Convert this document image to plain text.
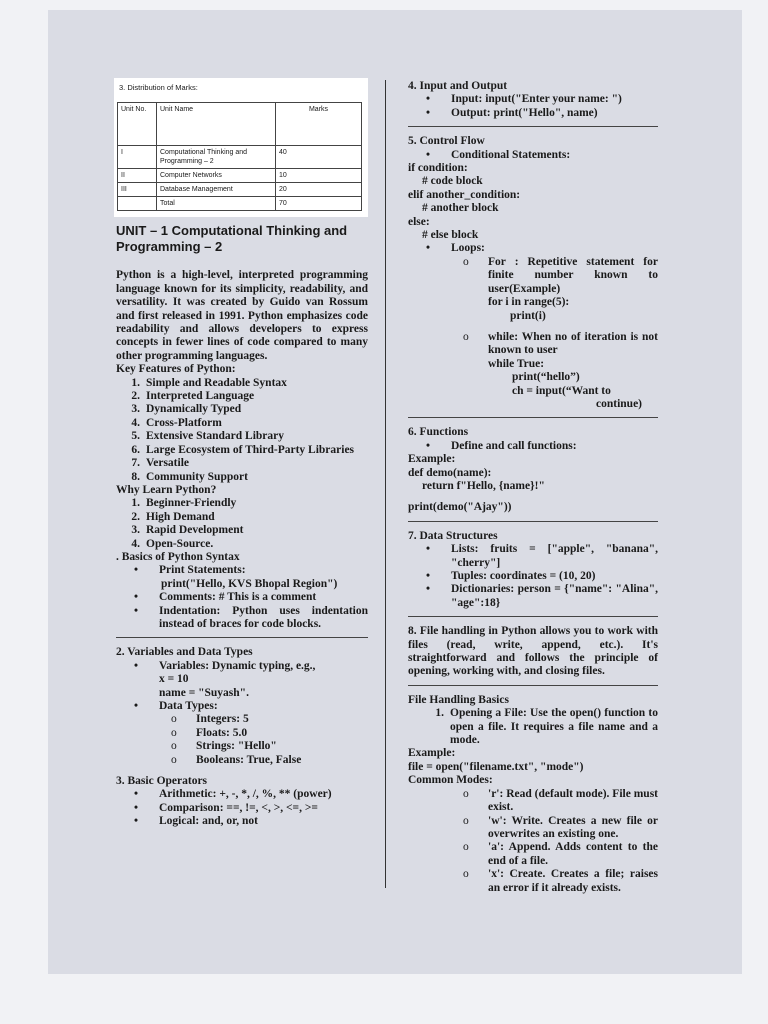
3. Distribution of Marks:
Unit No.	Unit Name	Marks
I	Computational Thinking and Programming – 2	40
II	Computer Networks	10
III	Database Management	20
	Total	70
UNIT – 1 Computational Thinking and Programming – 2

Python is a high-level, interpreted programming language known for its simplicity, readability, and versatility. It was created by Guido van Rossum and first released in 1991. Python emphasizes code readability and allows developers to express concepts in fewer lines of code compared to many other programming languages.

Key Features of Python:

1. Simple and Readable Syntax
2. Interpreted Language
3. Dynamically Typed
4. Cross-Platform
5. Extensive Standard Library
6. Large Ecosystem of Third-Party Libraries
7. Versatile
8. Community Support

Why Learn Python?

1. Beginner-Friendly
2. High Demand
3. Rapid Development
4. Open-Source.

. Basics of Python Syntax

•	Print Statements:
print("Hello, KVS Bhopal Region")
•	Comments: # This is a comment
•	Indentation: Python uses indentation instead of braces for code blocks.

2. Variables and Data Types

•	Variables: Dynamic typing, e.g.,
x = 10
name = "Suyash".
•	Data Types:
o	Integers: 5
o	Floats: 5.0
o	Strings: "Hello"
o	Booleans: True, False

3. Basic Operators

•	Arithmetic: +, -, *, /, %, ** (power)
•	Comparison: ==, !=, <, >, <=, >=
•	Logical: and, or, not

4. Input and Output

•	Input: input("Enter your name: ")
•	Output: print("Hello", name)

5. Control Flow

•	Conditional Statements:

if condition:

# code block

elif another_condition:

# another block

else:

# else block

•	Loops:
o	For : Repetitive statement for finite number known to user(Example)
for i in range(5):
print(i)
o	while: When no of iteration is not known to user
while True:
print(“hello”)
ch = input(“Want to

continue)

6. Functions

•	Define and call functions:

Example:

def demo(name):

return f"Hello, {name}!"

print(demo("Ajay"))

7. Data Structures

•	Lists: fruits = ["apple", "banana", "cherry"]
•	Tuples: coordinates = (10, 20)
•	Dictionaries: person = {"name": "Alina", "age":18}

8. File handling in Python allows you to work with files (read, write, append, etc.). It's straightforward and follows the principle of opening, working with, and closing files.

File Handling Basics

1. Opening a File: Use the open() function to open a file. It requires a file name and a mode.

Example:

file = open("filename.txt", "mode")

Common Modes:

o	'r': Read (default mode). File must exist.
o	'w': Write. Creates a new file or overwrites an existing one.
o	'a': Append. Adds content to the end of a file.
o	'x': Create. Creates a file; raises an error if it already exists.
